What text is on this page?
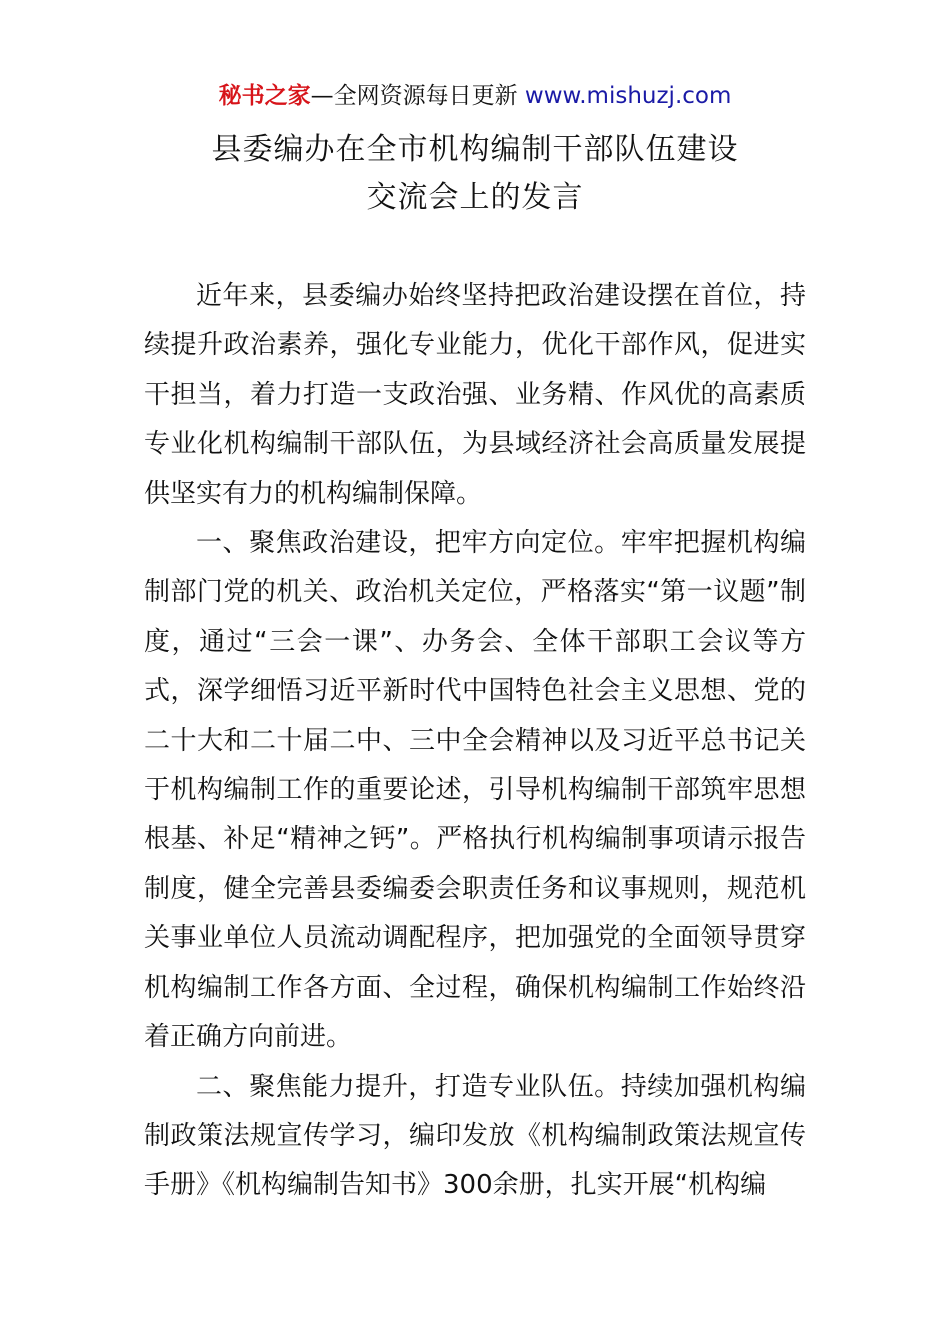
秘书之家—全网资源每日更新 www.mishuzj.com
县委编办在全市机构编制干部队伍建设
交流会上的发言

近年来，县委编办始终坚持把政治建设摆在首位，持续提升政治素养，强化专业能力，优化干部作风，促进实干担当，着力打造一支政治强、业务精、作风优的高素质专业化机构编制干部队伍，为县域经济社会高质量发展提供坚实有力的机构编制保障。

一、聚焦政治建设，把牢方向定位。牢牢把握机构编制部门党的机关、政治机关定位，严格落实“第一议题”制度，通过“三会一课”、办务会、全体干部职工会议等方式，深学细悟习近平新时代中国特色社会主义思想、党的二十大和二十届二中、三中全会精神以及习近平总书记关于机构编制工作的重要论述，引导机构编制干部筑牢思想根基、补足“精神之钙”。严格执行机构编制事项请示报告制度，健全完善县委编委会职责任务和议事规则，规范机关事业单位人员流动调配程序，把加强党的全面领导贯穿机构编制工作各方面、全过程，确保机构编制工作始终沿着正确方向前进。

二、聚焦能力提升，打造专业队伍。持续加强机构编制政策法规宣传学习，编印发放《机构编制政策法规宣传手册》《机构编制告知书》300余册，扎实开展“机构编
